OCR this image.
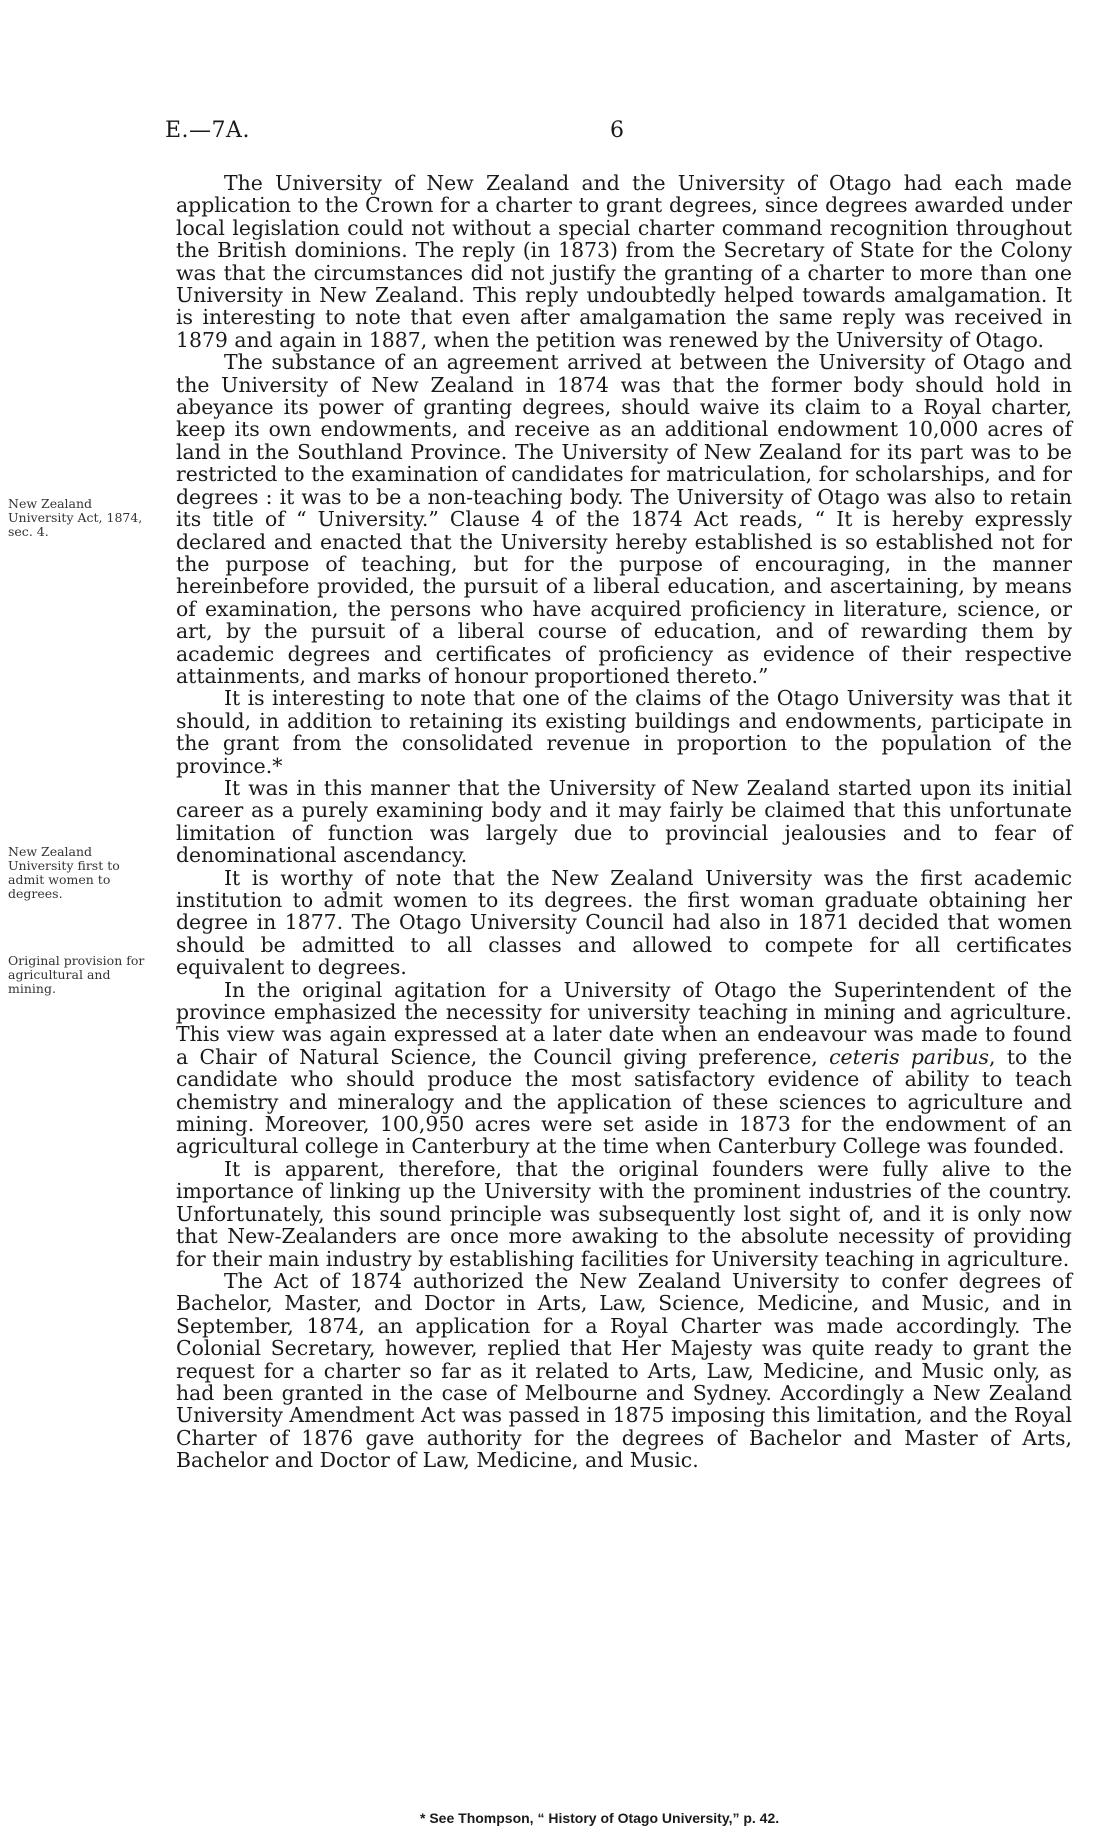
E.—7A.	6
New Zealand University Act, 1874, sec. 4.
New Zealand University first to admit women to degrees.
Original provision for agricultural and mining.

The University of New Zealand and the University of Otago had each made application to the Crown for a charter to grant degrees, since degrees awarded under local legislation could not without a special charter command recognition throughout the British dominions. The reply (in 1873) from the Secretary of State for the Colony was that the circumstances did not justify the granting of a charter to more than one University in New Zealand. This reply undoubtedly helped towards amalgamation. It is interesting to note that even after amalgamation the same reply was received in 1879 and again in 1887, when the petition was renewed by the University of Otago.

The substance of an agreement arrived at between the University of Otago and the University of New Zealand in 1874 was that the former body should hold in abeyance its power of granting degrees, should waive its claim to a Royal charter, keep its own endowments, and receive as an additional endowment 10,000 acres of land in the Southland Province. The University of New Zealand for its part was to be restricted to the examination of candidates for matriculation, for scholarships, and for degrees : it was to be a non-teaching body. The University of Otago was also to retain its title of “ University.” Clause 4 of the 1874 Act reads, “ It is hereby expressly declared and enacted that the University hereby established is so established not for the purpose of teaching, but for the purpose of encouraging, in the manner hereinbefore provided, the pursuit of a liberal education, and ascertaining, by means of examination, the persons who have acquired proficiency in literature, science, or art, by the pursuit of a liberal course of education, and of rewarding them by academic degrees and certificates of proficiency as evidence of their respective attainments, and marks of honour proportioned thereto.”

It is interesting to note that one of the claims of the Otago University was that it should, in addition to retaining its existing buildings and endowments, participate in the grant from the consolidated revenue in proportion to the population of the province.*

It was in this manner that the University of New Zealand started upon its initial career as a purely examining body and it may fairly be claimed that this unfortunate limitation of function was largely due to provincial jealousies and to fear of denominational ascendancy.

It is worthy of note that the New Zealand University was the first academic institution to admit women to its degrees. the first woman graduate obtaining her degree in 1877. The Otago University Council had also in 1871 decided that women should be admitted to all classes and allowed to compete for all certificates equivalent to degrees.

In the original agitation for a University of Otago the Superintendent of the province emphasized the necessity for university teaching in mining and agriculture. This view was again expressed at a later date when an endeavour was made to found a Chair of Natural Science, the Council giving preference, ceteris paribus, to the candidate who should produce the most satisfactory evidence of ability to teach chemistry and mineralogy and the application of these sciences to agriculture and mining. Moreover, 100,950 acres were set aside in 1873 for the endowment of an agricultural college in Canterbury at the time when Canterbury College was founded.

It is apparent, therefore, that the original founders were fully alive to the importance of linking up the University with the prominent industries of the country. Unfortunately, this sound principle was subsequently lost sight of, and it is only now that New-Zealanders are once more awaking to the absolute necessity of providing for their main industry by establishing facilities for University teaching in agriculture.

The Act of 1874 authorized the New Zealand University to confer degrees of Bachelor, Master, and Doctor in Arts, Law, Science, Medicine, and Music, and in September, 1874, an application for a Royal Charter was made accordingly. The Colonial Secretary, however, replied that Her Majesty was quite ready to grant the request for a charter so far as it related to Arts, Law, Medicine, and Music only, as had been granted in the case of Melbourne and Sydney. Accordingly a New Zealand University Amendment Act was passed in 1875 imposing this limitation, and the Royal Charter of 1876 gave authority for the degrees of Bachelor and Master of Arts, Bachelor and Doctor of Law, Medicine, and Music.

* See Thompson, “ History of Otago University,” p. 42.
